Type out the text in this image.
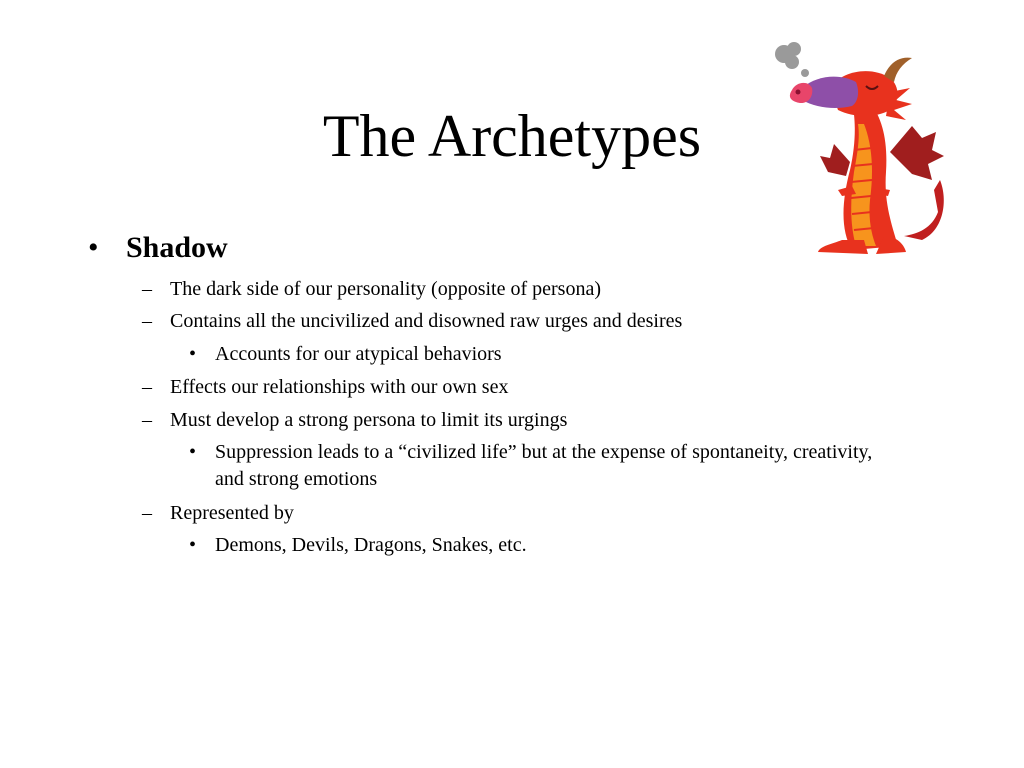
The Archetypes
• Shadow
– The dark side of our personality (opposite of persona)
– Contains all the uncivilized and disowned raw urges and desires
• Accounts for our atypical behaviors
– Effects our relationships with our own sex
– Must develop a strong persona to limit its urgings
• Suppression leads to a “civilized life” but at the expense of spontaneity, creativity, and strong emotions
– Represented by
• Demons, Devils, Dragons, Snakes, etc.
